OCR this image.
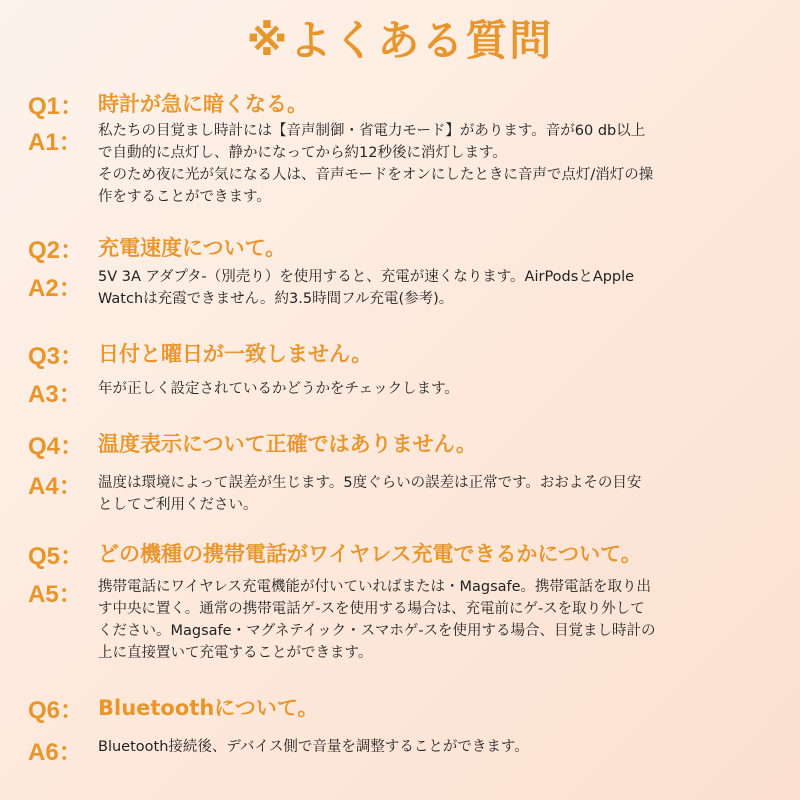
※よくある質問
Q1： 時計が急に暗くなる。
A1：	私たちの目覚まし時計には【音声制御・省電力モード】があります。音が60 db以上
で自動的に点灯し、静かになってから約12秒後に消灯します。
そのため夜に光が気になる人は、音声モードをオンにしたときに音声で点灯/消灯の操
作をすることができます。
Q2： 充電速度について。
A2：	5V 3A アダプタ-（別売り）を使用すると、充電が速くなります。AirPodsとApple
Watchは充霞できません。約3.5時間フル充電(参考)。
Q3： 日付と曜日が一致しません。
A3：	年が正しく設定されているかどうかをチェックします。
Q4： 温度表示について正確ではありません。
A4：	温度は環境によって誤差が生じます。5度ぐらいの誤差は正常です。おおよその目安
としてご利用ください。
Q5： どの機種の携帯電話がワイヤレス充電できるかについて。
A5：	携帯電話にワイヤレス充電機能が付いていればまたは・Magsafe。携帯電話を取り出
す中央に置く。通常の携帯電話ゲ-スを使用する場合は、充電前にゲ-スを取り外して
ください。Magsafe・マグネテイック・スマホゲ-スを使用する場合、目覚まし時計の
上に直接置いて充電することができます。
Q6： Bluetoothについて。
A6：	Bluetooth接続後、デバイス側で音量を調整することができます。
